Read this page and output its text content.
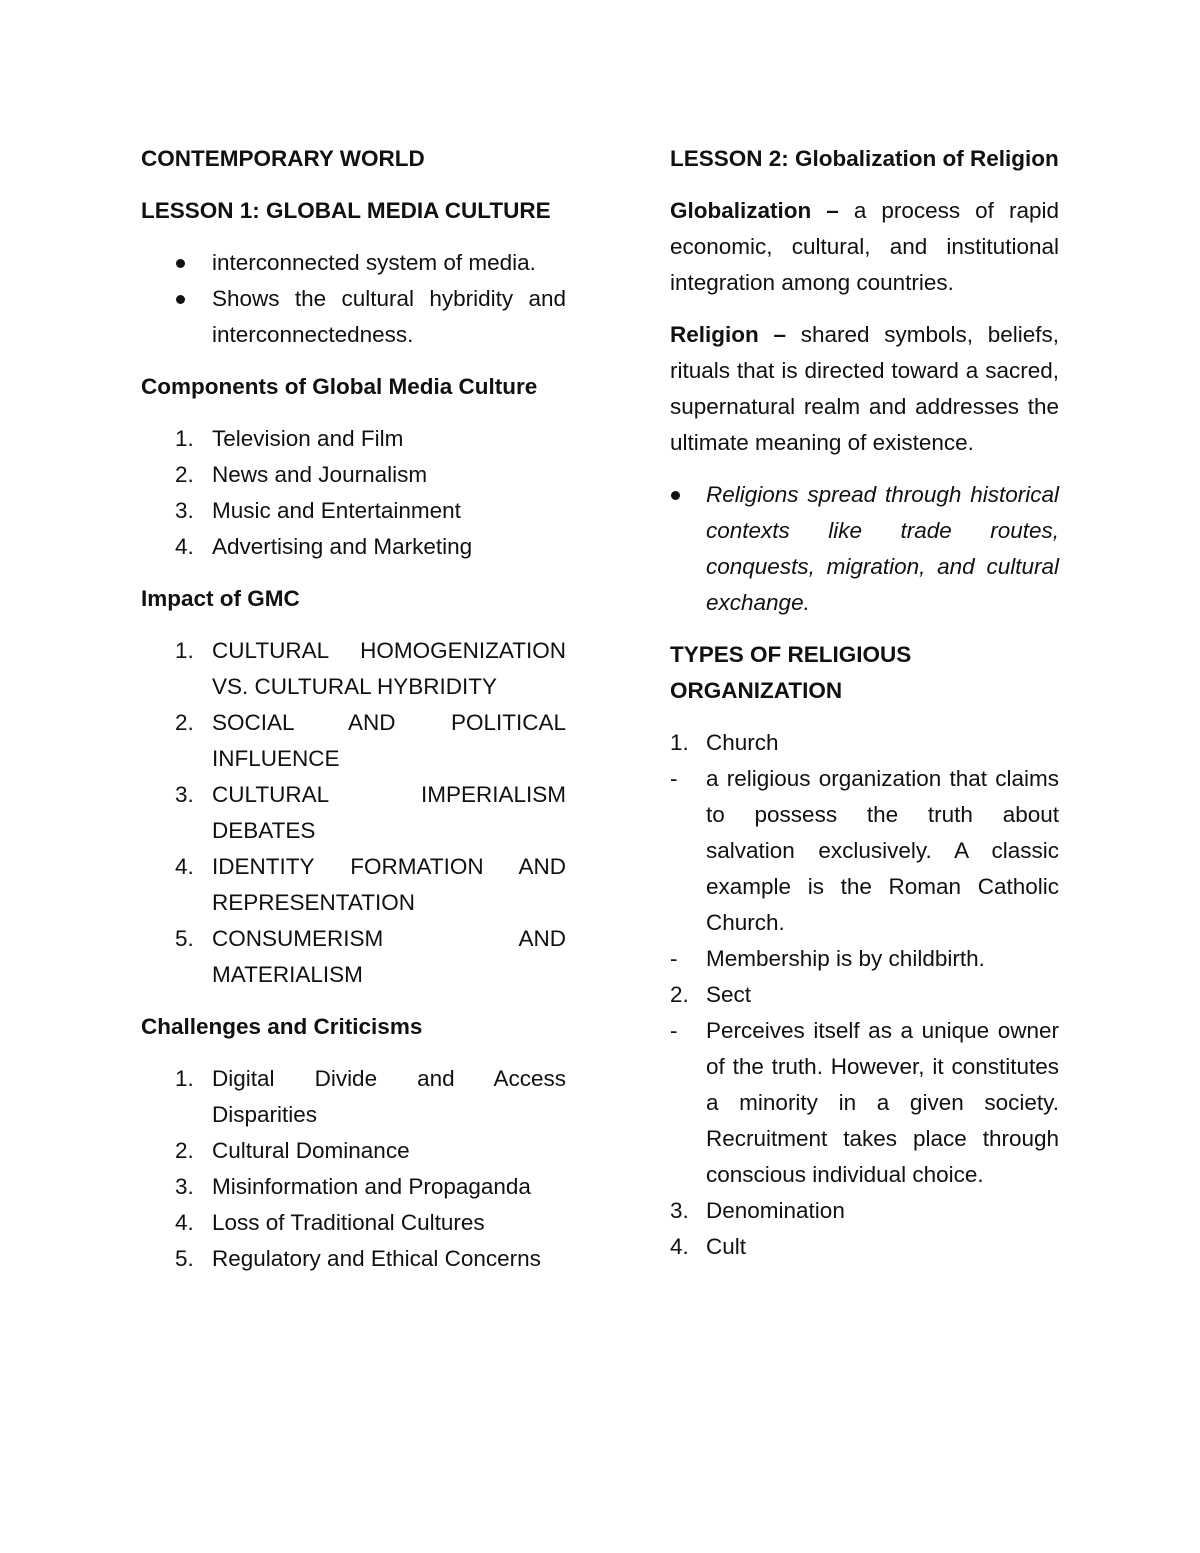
CONTEMPORARY WORLD

LESSON 1: GLOBAL MEDIA CULTURE

interconnected system of media.
Shows the cultural hybridity and interconnectedness.

Components of Global Media Culture

1. Television and Film
2. News and Journalism
3. Music and Entertainment
4. Advertising and Marketing

Impact of GMC

1. CULTURAL HOMOGENIZATION VS. CULTURAL HYBRIDITY
2. SOCIAL AND POLITICAL INFLUENCE
3. CULTURAL IMPERIALISM DEBATES
4. IDENTITY FORMATION AND REPRESENTATION
5. CONSUMERISM AND MATERIALISM

Challenges and Criticisms

1. Digital Divide and Access Disparities
2. Cultural Dominance
3. Misinformation and Propaganda
4. Loss of Traditional Cultures
5. Regulatory and Ethical Concerns

LESSON 2: Globalization of Religion

Globalization – a process of rapid economic, cultural, and institutional integration among countries.

Religion – shared symbols, beliefs, rituals that is directed toward a sacred, supernatural realm and addresses the ultimate meaning of existence.

Religions spread through historical contexts like trade routes, conquests, migration, and cultural exchange.

TYPES OF RELIGIOUS ORGANIZATION

1. Church
-	a religious organization that claims to possess the truth about salvation exclusively. A classic example is the Roman Catholic Church.
-	Membership is by childbirth.
2. Sect
-	Perceives itself as a unique owner of the truth. However, it constitutes a minority in a given society. Recruitment takes place through conscious individual choice.
3. Denomination
4. Cult
